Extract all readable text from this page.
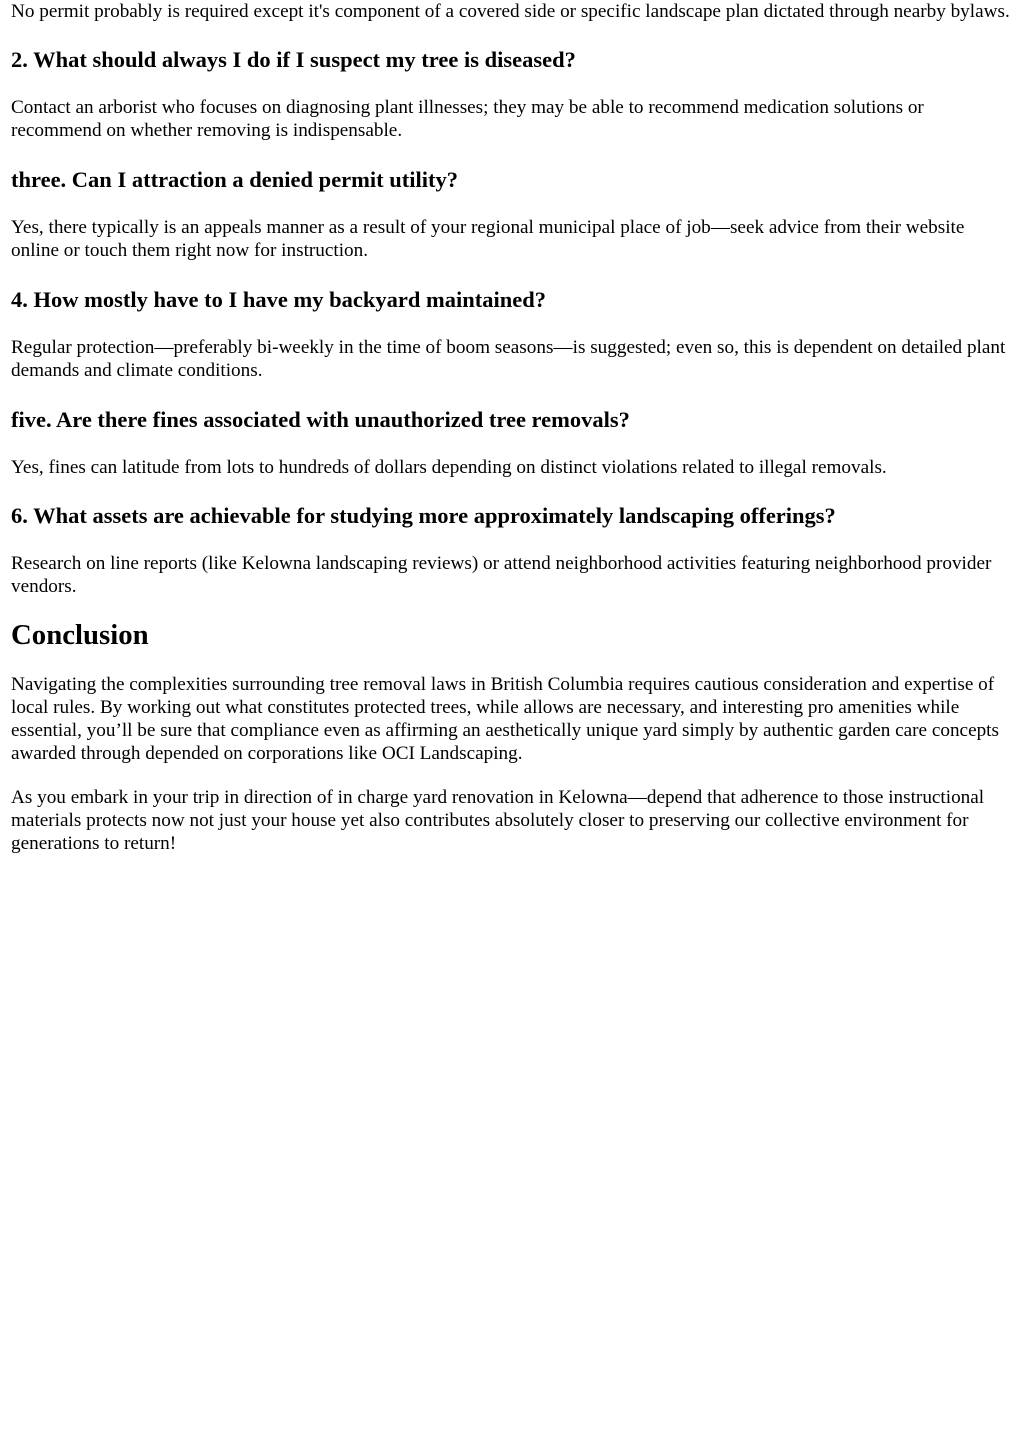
No permit probably is required except it's component of a covered side or specific landscape plan dictated through nearby bylaws.

2. What should always I do if I suspect my tree is diseased?

Contact an arborist who focuses on diagnosing plant illnesses; they may be able to recommend medication solutions or recommend on whether removing is indispensable.

three. Can I attraction a denied permit utility?

Yes, there typically is an appeals manner as a result of your regional municipal place of job—seek advice from their website online or touch them right now for instruction.

4. How mostly have to I have my backyard maintained?

Regular protection—preferably bi-weekly in the time of boom seasons—is suggested; even so, this is dependent on detailed plant demands and climate conditions.

five. Are there fines associated with unauthorized tree removals?

Yes, fines can latitude from lots to hundreds of dollars depending on distinct violations related to illegal removals.

6. What assets are achievable for studying more approximately landscaping offerings?

Research on line reports (like Kelowna landscaping reviews) or attend neighborhood activities featuring neighborhood provider vendors.

Conclusion

Navigating the complexities surrounding tree removal laws in British Columbia requires cautious consideration and expertise of local rules. By working out what constitutes protected trees, while allows are necessary, and interesting pro amenities while essential, you’ll be sure that compliance even as affirming an aesthetically unique yard simply by authentic garden care concepts awarded through depended on corporations like OCI Landscaping.

As you embark in your trip in direction of in charge yard renovation in Kelowna—depend that adherence to those instructional materials protects now not just your house yet also contributes absolutely closer to preserving our collective environment for generations to return!
